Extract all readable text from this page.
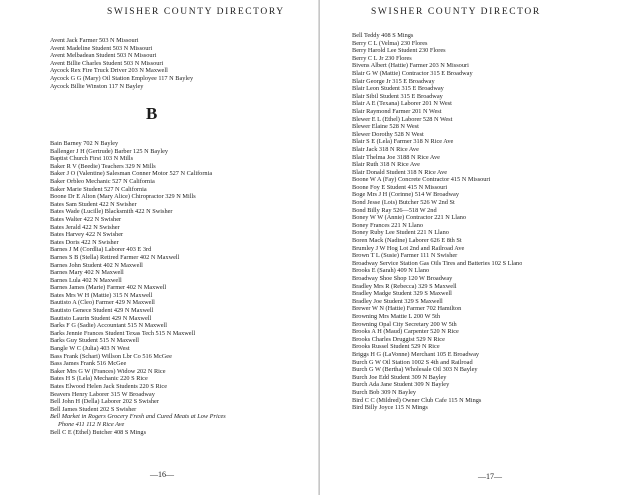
SWISHER COUNTY DIRECTORY
Avent Jack Farmer 503 N Missouri
Avent Madeline Student 503 N Missouri
Avent Melbadean Student 503 N Missouri
Avent Billie Charles Student 503 N Missouri
Aycock Rex Fire Truck Driver 203 N Maxwell
Aycock G G (Mary) Oil Station Employee 117 N Bayley
Aycock Billie Winston 117 N Bayley
B
Bain Barney 702 N Bayley
Ballenger J H (Gertrude) Barber 125 N Bayley
Baptist Church First 103 N Mills
Baker R V (Beedie) Teachers 329 N Mills
Baker J O (Valentine) Salesman Conner Motor 527 N California
Baker Orbleo Mechanic 527 N California
Baker Marie Student 527 N California
Boone Dr E Alton (Mary Alice) Chiropractor 329 N Mills
Bates Sam Student 422 N Swisher
Bates Wade (Lucille) Blacksmith 422 N Swisher
Bates Walter 422 N Swisher
Bates Jerald 422 N Swisher
Bates Harvey 422 N Swisher
Bates Doris 422 N Swisher
Barnes J M (Cordlia) Laborer 403 E 3rd
Barnes S B (Stella) Retired Farmer 402 N Maxwell
Barnes John Student 402 N Maxwell
Barnes Mary 402 N Maxwell
Barnes Lula 402 N Maxwell
Barnes James (Marie) Farmer 402 N Maxwell
Bates Mrs W H (Mattie) 315 N Maxwell
Bautisto A (Cleo) Farmer 429 N Maxwell
Bautisto Genece Student 429 N Maxwell
Bautisto Laurin Student 429 N Maxwell
Barks F G (Sadie) Accountant 515 N Maxwell
Barks Jennie Frances Student Texas Tech 515 N Maxwell
Barks Guy Student 515 N Maxwell
Bangle W C (Julia) 403 N West
Bass Frank (Schari) Willson Lbr Co 516 McGee
Bass James Frank 516 McGee
Baker Mrs G W (Frances) Widow 202 N Rice
Bates H S (Lela) Mechanic 220 S Rice
Bates Elwood Helen Jack Students 220 S Rice
Beavers Henry Laborer 315 W Broadway
Bell John H (Della) Laborer 202 S Swisher
Bell James Student 202 S Swisher
Bell Market in Rogers Grocery Fresh and Cured Meats at Low Prices
Phone 411 112 N Rice Ave
Bell C E (Ethel) Butcher 408 S Mings
—16—
SWISHER COUNTY DIRECTOR
Bell Teddy 408 S Mings
Berry C L (Velma) 230 Flores
Berry Harold Lee Student 230 Flores
Berry C L Jr 230 Flores
Bivens Albert (Hattie) Farmer 203 N Missouri
Blair G W (Mattie) Contractor 315 E Broadway
Blair George Jr 315 E Broadway
Blair Leon Student 315 E Broadway
Blair Sibil Student 315 E Broadway
Blair A E (Texana) Laborer 201 N West
Blair Raymond Farmer 201 N West
Blewer E L (Ethel) Laborer 528 N West
Blewer Elaine 528 N West
Blewer Dorothy 528 N West
Blair S E (Lela) Farmer 318 N Rice Ave
Blair Jack 318 N Rice Ave
Blair Thelma Joe 3188 N Rice Ave
Blair Ruth 318 N Rice Ave
Blair Donald Student 318 N Rice Ave
Boone W A (Fay) Concrete Contractor 415 N Missouri
Boone Foy E Student 415 N Missouri
Boge Mrs J H (Corinne) 514 W Broadway
Bond Jesse (Lois) Butcher 526 W 2nd St
Bond Billy Ray 526—518 W 2nd
Boney W W (Annie) Contractor 221 N Llano
Boney Frances 221 N Llano
Boney Ruby Lee Student 221 N Llano
Boren Mack (Nadine) Laborer 626 E 8th St
Brumley J W Hog Lot 2nd and Railroad Ave
Brown T L (Susie) Farmer 111 N Swisher
Broadway Service Station Gas Oils Tires and Batteries 102 S Llano
Brooks E (Sarah) 409 N Llano
Broadway Shoe Shop 120 W Broadway
Bradley Mrs R (Rebecca) 329 S Maxwell
Bradley Madge Student 329 S Maxwell
Bradley Joe Student 329 S Maxwell
Brewer W N (Hattie) Farmer 702 Hamilton
Browning Mrs Mattie L 200 W 5th
Browning Opal City Secretary 200 W 5th
Brooks A H (Maud) Carpenter 520 N Rice
Brooks Charles Druggist 529 N Rice
Brooks Russel Student 529 N Rice
Briggs H G (LaVonne) Merchant 105 E Broadway
Burch G W Oil Station 1002 S 4th and Railroad
Burch G W (Bertha) Wholesale Oil 303 N Bayley
Burch Joe Edd Student 309 N Bayley
Burch Ada Jane Student 309 N Bayley
Burch Bob 309 N Bayley
Bird C C (Mildred) Owner Club Cafe 115 N Mings
Bird Billy Joyce 115 N Mings
—17—
